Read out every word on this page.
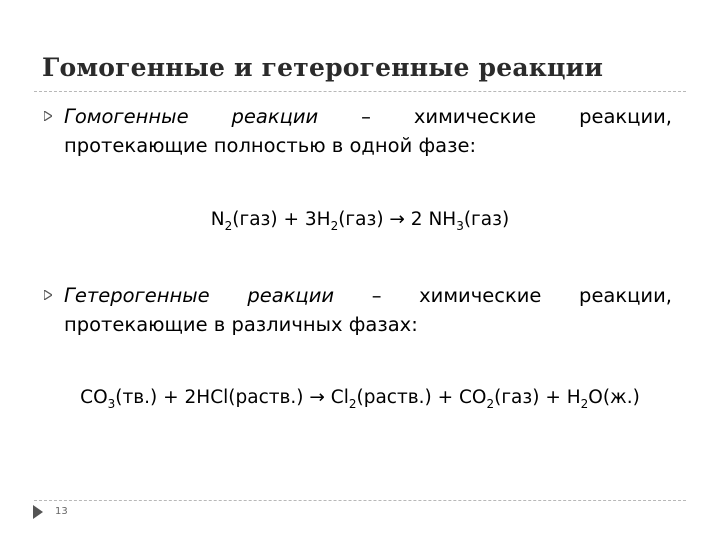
Гомогенные и гетерогенные реакции
Гомогенные реакции – химические реакции, протекающие полностью в одной фазе:
$N_2(газ) + 3H_2(газ) \to 2$ $NH_3(газ)$
Гетерогенные реакции – химические реакции, протекающие в различных фазах:
$CO_3(тв.)$ + 2HCl(раств.) → $Cl_2(раств.) + CO_2(газ) + H_2O(ж.)$
13
